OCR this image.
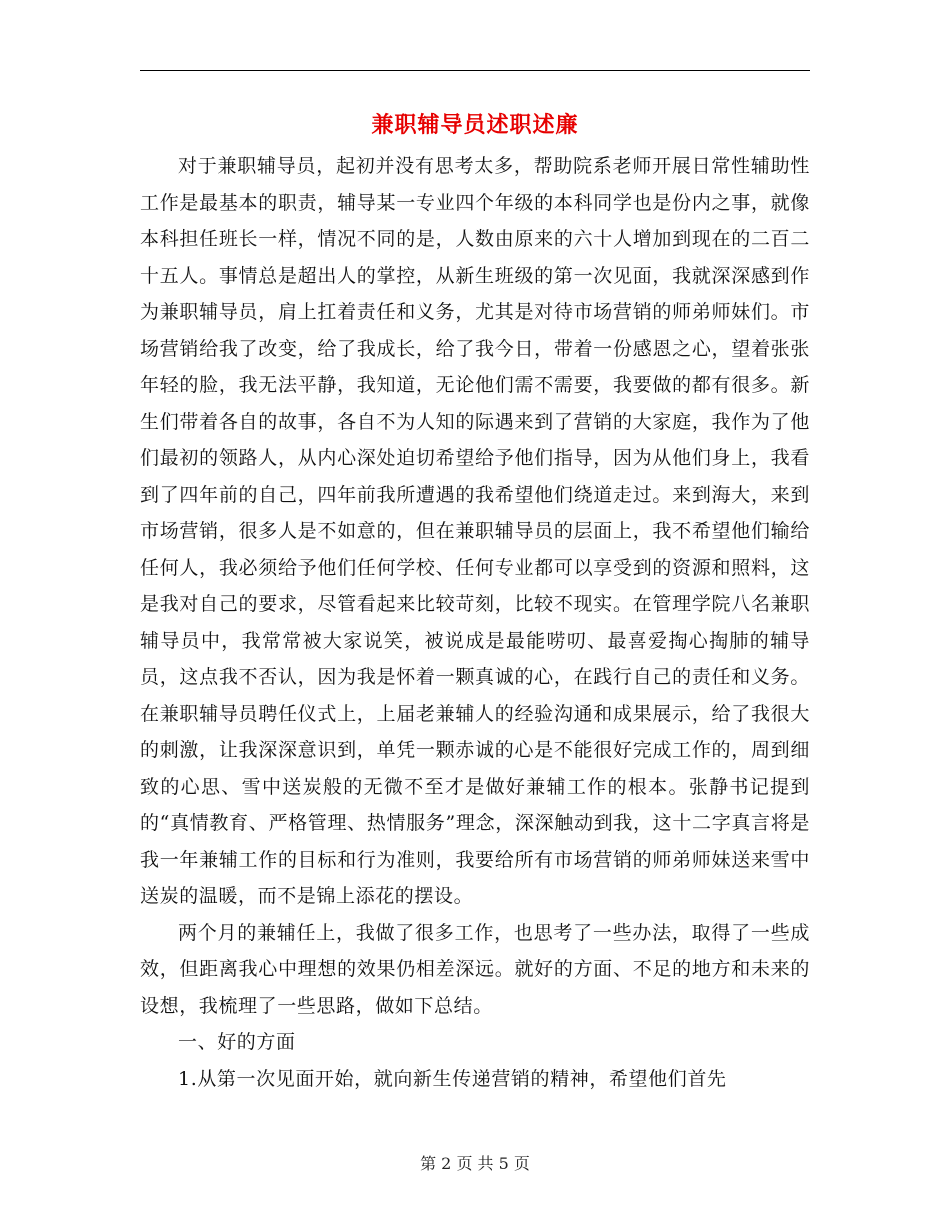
兼职辅导员述职述廉

对于兼职辅导员，起初并没有思考太多，帮助院系老师开展日常性辅助性工作是最基本的职责，辅导某一专业四个年级的本科同学也是份内之事，就像本科担任班长一样，情况不同的是，人数由原来的六十人增加到现在的二百二十五人。事情总是超出人的掌控，从新生班级的第一次见面，我就深深感到作为兼职辅导员，肩上扛着责任和义务，尤其是对待市场营销的师弟师妹们。市场营销给我了改变，给了我成长，给了我今日，带着一份感恩之心，望着张张年轻的脸，我无法平静，我知道，无论他们需不需要，我要做的都有很多。新生们带着各自的故事，各自不为人知的际遇来到了营销的大家庭，我作为了他们最初的领路人，从内心深处迫切希望给予他们指导，因为从他们身上，我看到了四年前的自己，四年前我所遭遇的我希望他们绕道走过。来到海大，来到市场营销，很多人是不如意的，但在兼职辅导员的层面上，我不希望他们输给任何人，我必须给予他们任何学校、任何专业都可以享受到的资源和照料，这是我对自己的要求，尽管看起来比较苛刻，比较不现实。在管理学院八名兼职辅导员中，我常常被大家说笑，被说成是最能唠叨、最喜爱掏心掏肺的辅导员，这点我不否认，因为我是怀着一颗真诚的心，在践行自己的责任和义务。在兼职辅导员聘任仪式上，上届老兼辅人的经验沟通和成果展示，给了我很大的刺激，让我深深意识到，单凭一颗赤诚的心是不能很好完成工作的，周到细致的心思、雪中送炭般的无微不至才是做好兼辅工作的根本。张静书记提到的“真情教育、严格管理、热情服务”理念，深深触动到我，这十二字真言将是我一年兼辅工作的目标和行为准则，我要给所有市场营销的师弟师妹送来雪中送炭的温暖，而不是锦上添花的摆设。

两个月的兼辅任上，我做了很多工作，也思考了一些办法，取得了一些成效，但距离我心中理想的效果仍相差深远。就好的方面、不足的地方和未来的设想，我梳理了一些思路，做如下总结。

一、好的方面

1.从第一次见面开始，就向新生传递营销的精神，希望他们首先

第 2 页 共 5 页
